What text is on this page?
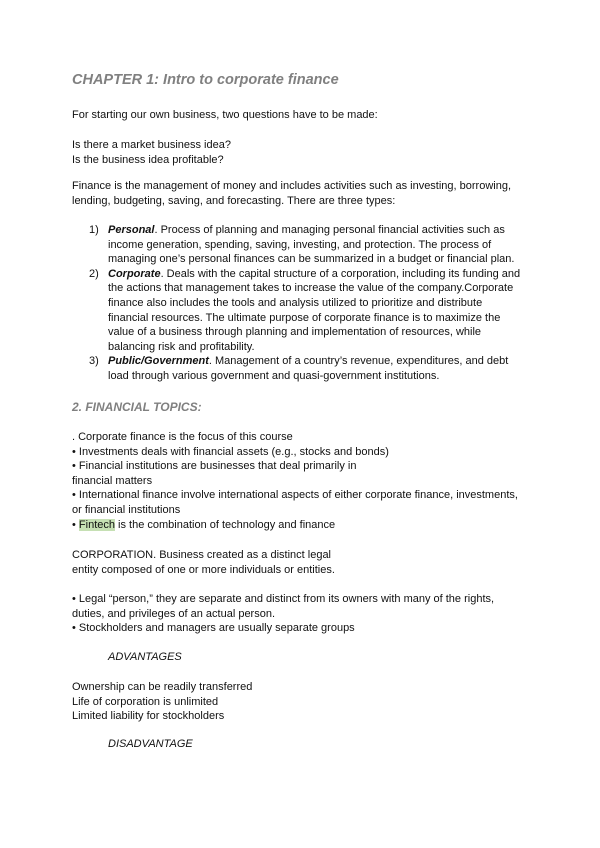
CHAPTER 1: Intro to corporate finance
For starting our own business, two questions have to be made:
Is there a market business idea?
Is the business idea profitable?
Finance is the management of money and includes activities such as investing, borrowing,
lending, budgeting, saving, and forecasting. There are three types:
1) Personal. Process of planning and managing personal financial activities such as
income generation, spending, saving, investing, and protection. The process of
managing one’s personal finances can be summarized in a budget or financial plan.
2) Corporate. Deals with the capital structure of a corporation, including its funding and
the actions that management takes to increase the value of the company.Corporate
finance also includes the tools and analysis utilized to prioritize and distribute
financial resources. The ultimate purpose of corporate finance is to maximize the
value of a business through planning and implementation of resources, while
balancing risk and profitability.
3) Public/Government. Management of a country’s revenue, expenditures, and debt
load through various government and quasi-government institutions.
2. FINANCIAL TOPICS:
. Corporate finance is the focus of this course
• Investments deals with financial assets (e.g., stocks and bonds)
• Financial institutions are businesses that deal primarily in
financial matters
• International finance involve international aspects of either corporate finance, investments,
or financial institutions
• Fintech is the combination of technology and finance
CORPORATION. Business created as a distinct legal
entity composed of one or more individuals or entities.
• Legal “person,” they are separate and distinct from its owners with many of the rights,
duties, and privileges of an actual person.
• Stockholders and managers are usually separate groups
ADVANTAGES
Ownership can be readily transferred
Life of corporation is unlimited
Limited liability for stockholders
DISADVANTAGE
